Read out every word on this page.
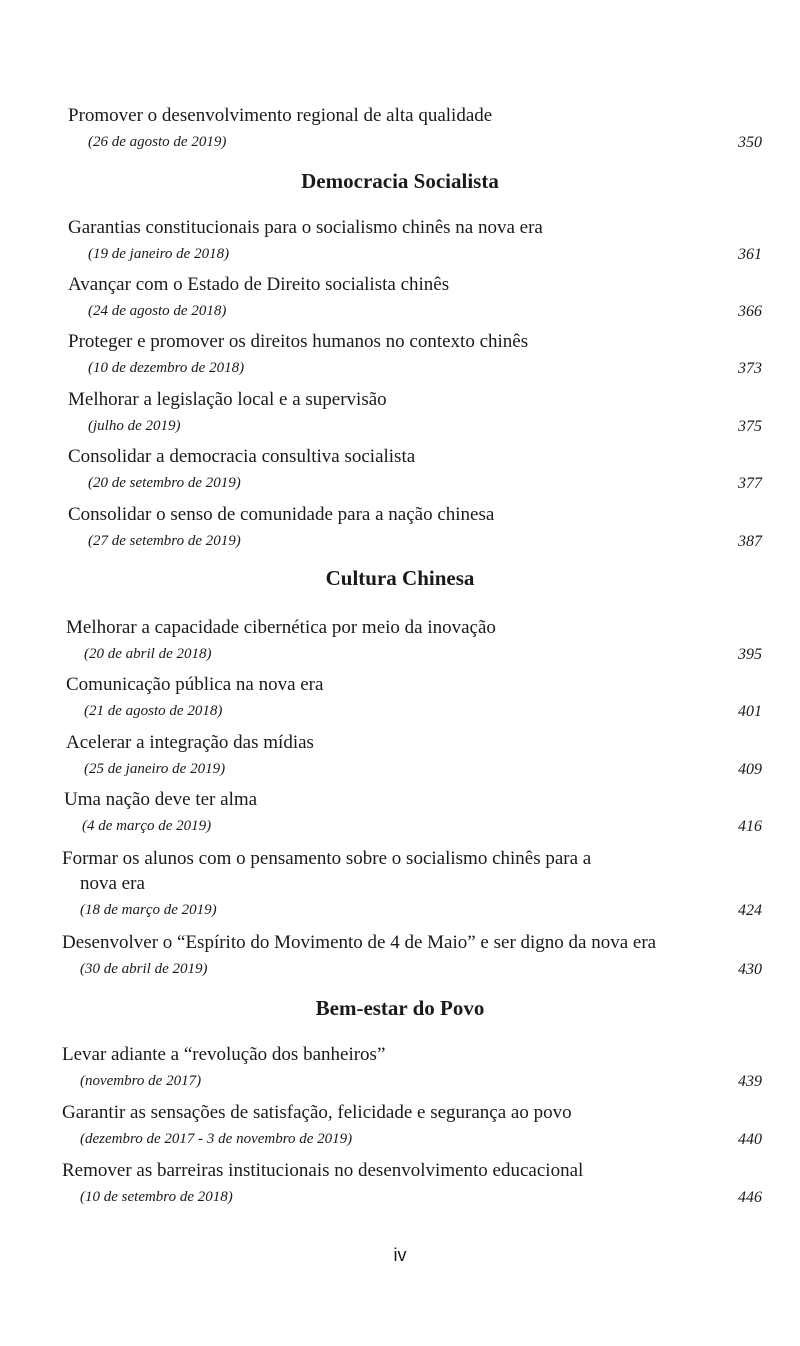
Promover o desenvolvimento regional de alta qualidade
(26 de agosto de 2019)	350
Democracia Socialista
Garantias constitucionais para o socialismo chinês na nova era
(19 de janeiro de 2018)	361
Avançar com o Estado de Direito socialista chinês
(24 de agosto de 2018)	366
Proteger e promover os direitos humanos no contexto chinês
(10 de dezembro de 2018)	373
Melhorar a legislação local e a supervisão
(julho de 2019)	375
Consolidar a democracia consultiva socialista
(20 de setembro de 2019)	377
Consolidar o senso de comunidade para a nação chinesa
(27 de setembro de 2019)	387
Cultura Chinesa
Melhorar a capacidade cibernética por meio da inovação
(20 de abril de 2018)	395
Comunicação pública na nova era
(21 de agosto de 2018)	401
Acelerar a integração das mídias
(25 de janeiro de 2019)	409
Uma nação deve ter alma
(4 de março de 2019)	416
Formar os alunos com o pensamento sobre o socialismo chinês para a
nova era
(18 de março de 2019)	424
Desenvolver o “Espírito do Movimento de 4 de Maio” e ser digno da nova era
(30 de abril de 2019)	430
Bem-estar do Povo
Levar adiante a “revolução dos banheiros”
(novembro de 2017)	439
Garantir as sensações de satisfação, felicidade e segurança ao povo
(dezembro de 2017 - 3 de novembro de 2019)	440
Remover as barreiras institucionais no desenvolvimento educacional
(10 de setembro de 2018)	446
iv
